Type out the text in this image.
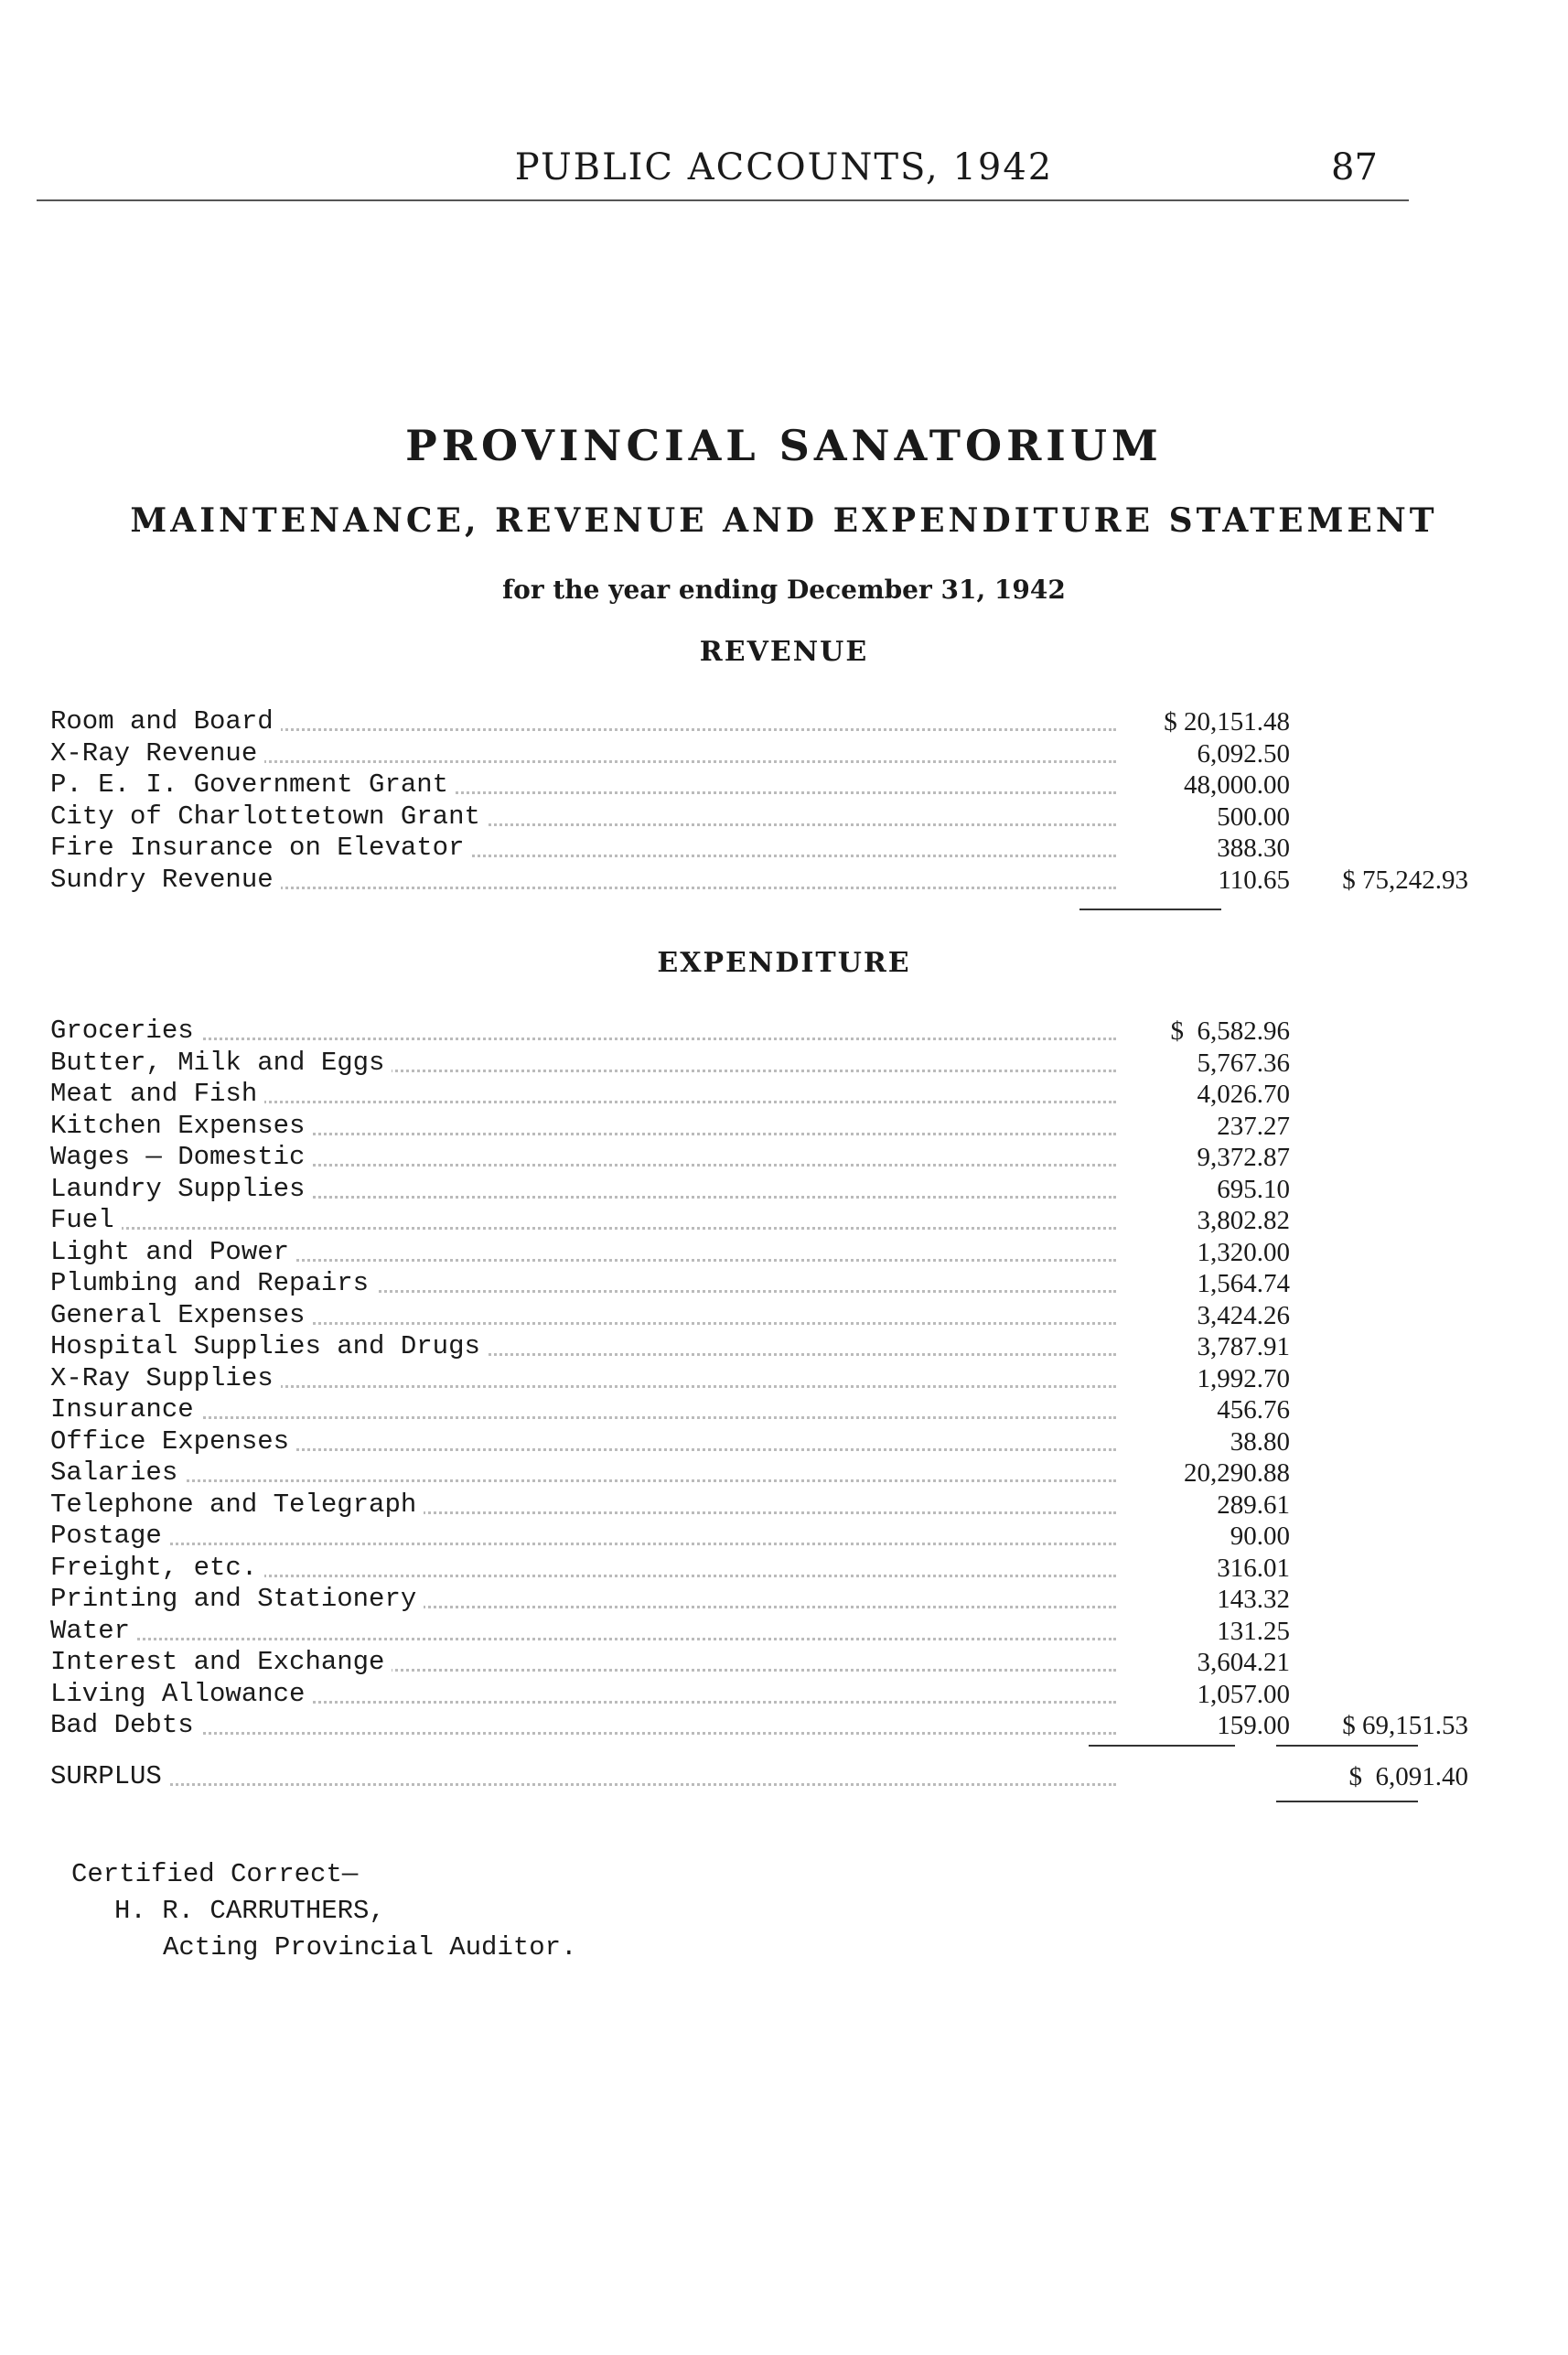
PUBLIC ACCOUNTS, 1942	87
PROVINCIAL SANATORIUM
MAINTENANCE, REVENUE AND EXPENDITURE STATEMENT
for the year ending December 31, 1942
REVENUE
Room and Board	$ 20,151.48
X-Ray Revenue	6,092.50
P. E. I. Government Grant	48,000.00
City of Charlottetown Grant	500.00
Fire Insurance on Elevator	388.30
Sundry Revenue	110.65	$ 75,242.93
EXPENDITURE
Groceries	$  6,582.96
Butter, Milk and Eggs	5,767.36
Meat and Fish	4,026.70
Kitchen Expenses	237.27
Wages — Domestic	9,372.87
Laundry Supplies	695.10
Fuel	3,802.82
Light and Power	1,320.00
Plumbing and Repairs	1,564.74
General Expenses	3,424.26
Hospital Supplies and Drugs	3,787.91
X-Ray Supplies	1,992.70
Insurance	456.76
Office Expenses	38.80
Salaries	20,290.88
Telephone and Telegraph	289.61
Postage	90.00
Freight, etc.	316.01
Printing and Stationery	143.32
Water	131.25
Interest and Exchange	3,604.21
Living Allowance	1,057.00
Bad Debts	159.00	$ 69,151.53
SURPLUS	$  6,091.40
Certified Correct—
H. R. CARRUTHERS,
Acting Provincial Auditor.
